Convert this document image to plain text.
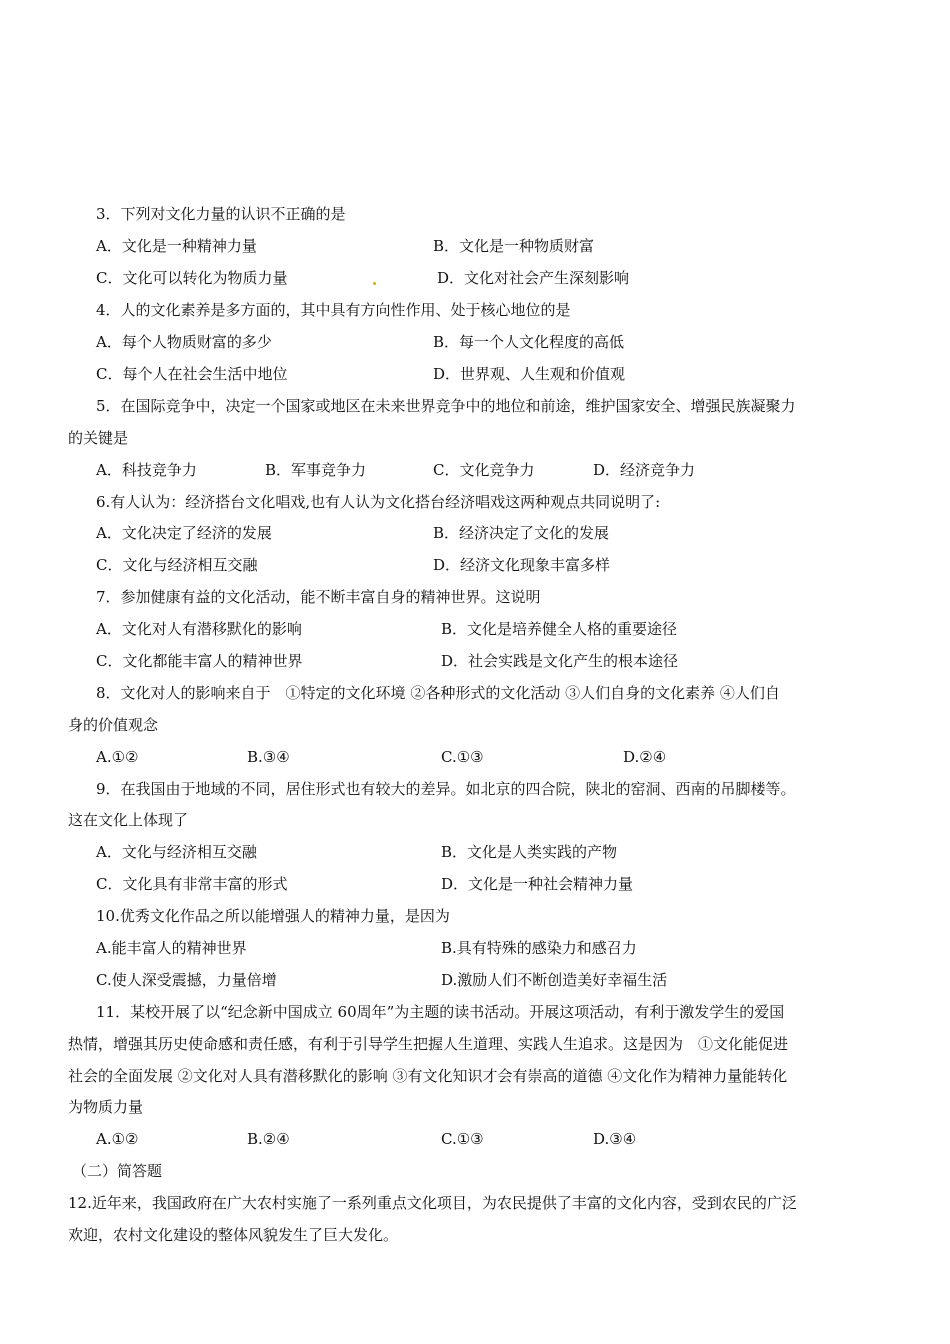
3．下列对文化力量的认识不正确的是
A．文化是一种精神力量	B．文化是一种物质财富
C．文化可以转化为物质力量	D．文化对社会产生深刻影响
4．人的文化素养是多方面的，其中具有方向性作用、处于核心地位的是
A．每个人物质财富的多少	B．每一个人文化程度的高低
C．每个人在社会生活中地位	D．世界观、人生观和价值观
5．在国际竞争中，决定一个国家或地区在未来世界竞争中的地位和前途，维护国家安全、增强民族凝聚力
的关键是
A．科技竞争力	B．军事竞争力	C．文化竞争力	D．经济竞争力
6.有人认为：经济搭台文化唱戏,也有人认为文化搭台经济唱戏这两种观点共同说明了:
A．文化决定了经济的发展	B．经济决定了文化的发展
C．文化与经济相互交融	D．经济文化现象丰富多样
7．参加健康有益的文化活动，能不断丰富自身的精神世界。这说明
A．文化对人有潜移默化的影响	B．文化是培养健全人格的重要途径
C．文化都能丰富人的精神世界	D．社会实践是文化产生的根本途径
8．文化对人的影响来自于　①特定的文化环境 ②各种形式的文化活动 ③人们自身的文化素养 ④人们自
身的价值观念
A.①②	B.③④	C.①③	D.②④
9．在我国由于地域的不同，居住形式也有较大的差异。如北京的四合院，陕北的窑洞、西南的吊脚楼等。
这在文化上体现了
A．文化与经济相互交融	B．文化是人类实践的产物
C．文化具有非常丰富的形式	D．文化是一种社会精神力量
10.优秀文化作品之所以能增强人的精神力量，是因为
A.能丰富人的精神世界	B.具有特殊的感染力和感召力
C.使人深受震撼，力量倍增	D.激励人们不断创造美好幸福生活
11．某校开展了以“纪念新中国成立 60周年”为主题的读书活动。开展这项活动，有利于激发学生的爱国
热情，增强其历史使命感和责任感，有利于引导学生把握人生道理、实践人生追求。这是因为　①文化能促进
社会的全面发展 ②文化对人具有潜移默化的影响 ③有文化知识才会有崇高的道德 ④文化作为精神力量能转化
为物质力量
A.①②	B.②④	C.①③	D.③④
（二）简答题
12.近年来，我国政府在广大农村实施了一系列重点文化项目，为农民提供了丰富的文化内容，受到农民的广泛
欢迎，农村文化建设的整体风貌发生了巨大发化。
